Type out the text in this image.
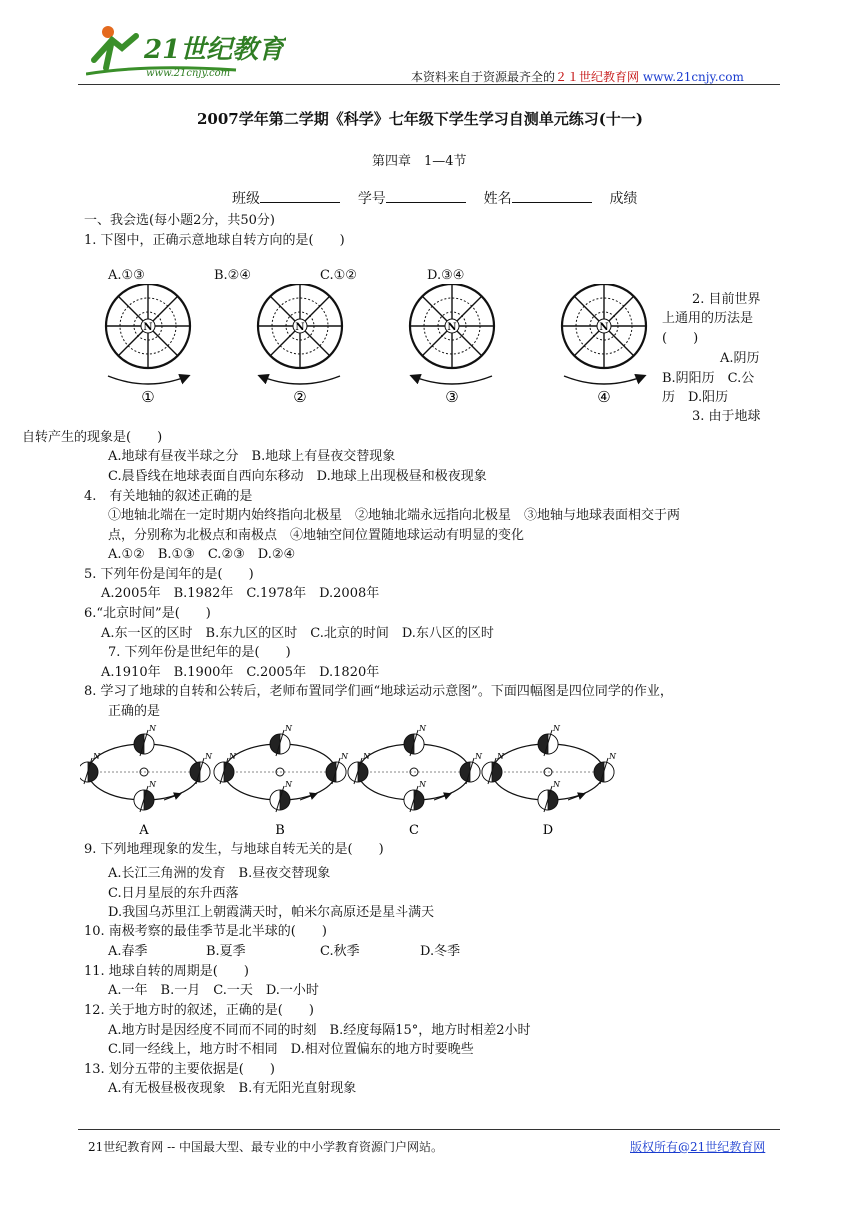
21世纪教育
www.21cnjy.com	本资料来自于资源最齐全的２１世纪教育网 www.21cnjy.com
2007学年第二学期《科学》七年级下学生学习自测单元练习(十一)
第四章　1—4节
班级	学号	姓名	成绩
一、我会选(每小题2分，共50分)
1. 下图中，正确示意地球自转方向的是(　　)
A.①③	B.②④	C.①②	D.③④
N
①
N
②
N
③
N
④
2. 目前世界
上通用的历法是
(　　)
A.阴历
B.阴阳历　C.公
历　D.阳历
3. 由于地球
自转产生的现象是(　　)
A.地球有昼夜半球之分　B.地球上有昼夜交替现象
C.晨昏线在地球表面自西向东移动　D.地球上出现极昼和极夜现象
4.　有关地轴的叙述正确的是
①地轴北端在一定时期内始终指向北极星　②地轴北端永远指向北极星　③地轴与地球表面相交于两
点，分别称为北极点和南极点　④地轴空间位置随地球运动有明显的变化
A.①②　B.①③　C.②③　D.②④
5. 下列年份是闰年的是(　　)
A.2005年　B.1982年　C.1978年　D.2008年
6.“北京时间”是(　　)
A.东一区的区时　B.东九区的区时　C.北京的时间　D.东八区的区时
7. 下列年份是世纪年的是(　　)
A.1910年　B.1900年　C.2005年　D.1820年
8. 学习了地球的自转和公转后，老师布置同学们画“地球运动示意图”。下面四幅图是四位同学的作业，
正确的是
N
N
N	N
A
N
N
N	N
B
N
N
N	N
C
N
N
N	N
D
9. 下列地理现象的发生，与地球自转无关的是(　　)
A.长江三角洲的发育　B.昼夜交替现象
C.日月星辰的东升西落
D.我国乌苏里江上朝霞满天时，帕米尔高原还是星斗满天
10. 南极考察的最佳季节是北半球的(　　)
A.春季	B.夏季	C.秋季	D.冬季
11. 地球自转的周期是(　　)
A.一年　B.一月　C.一天　D.一小时
12. 关于地方时的叙述，正确的是(　　)
A.地方时是因经度不同而不同的时刻　B.经度每隔15°，地方时相差2小时
C.同一经线上，地方时不相同　D.相对位置偏东的地方时要晚些
13. 划分五带的主要依据是(　　)
A.有无极昼极夜现象　B.有无阳光直射现象
21世纪教育网 -- 中国最大型、最专业的中小学教育资源门户网站。	版权所有@21世纪教育网
